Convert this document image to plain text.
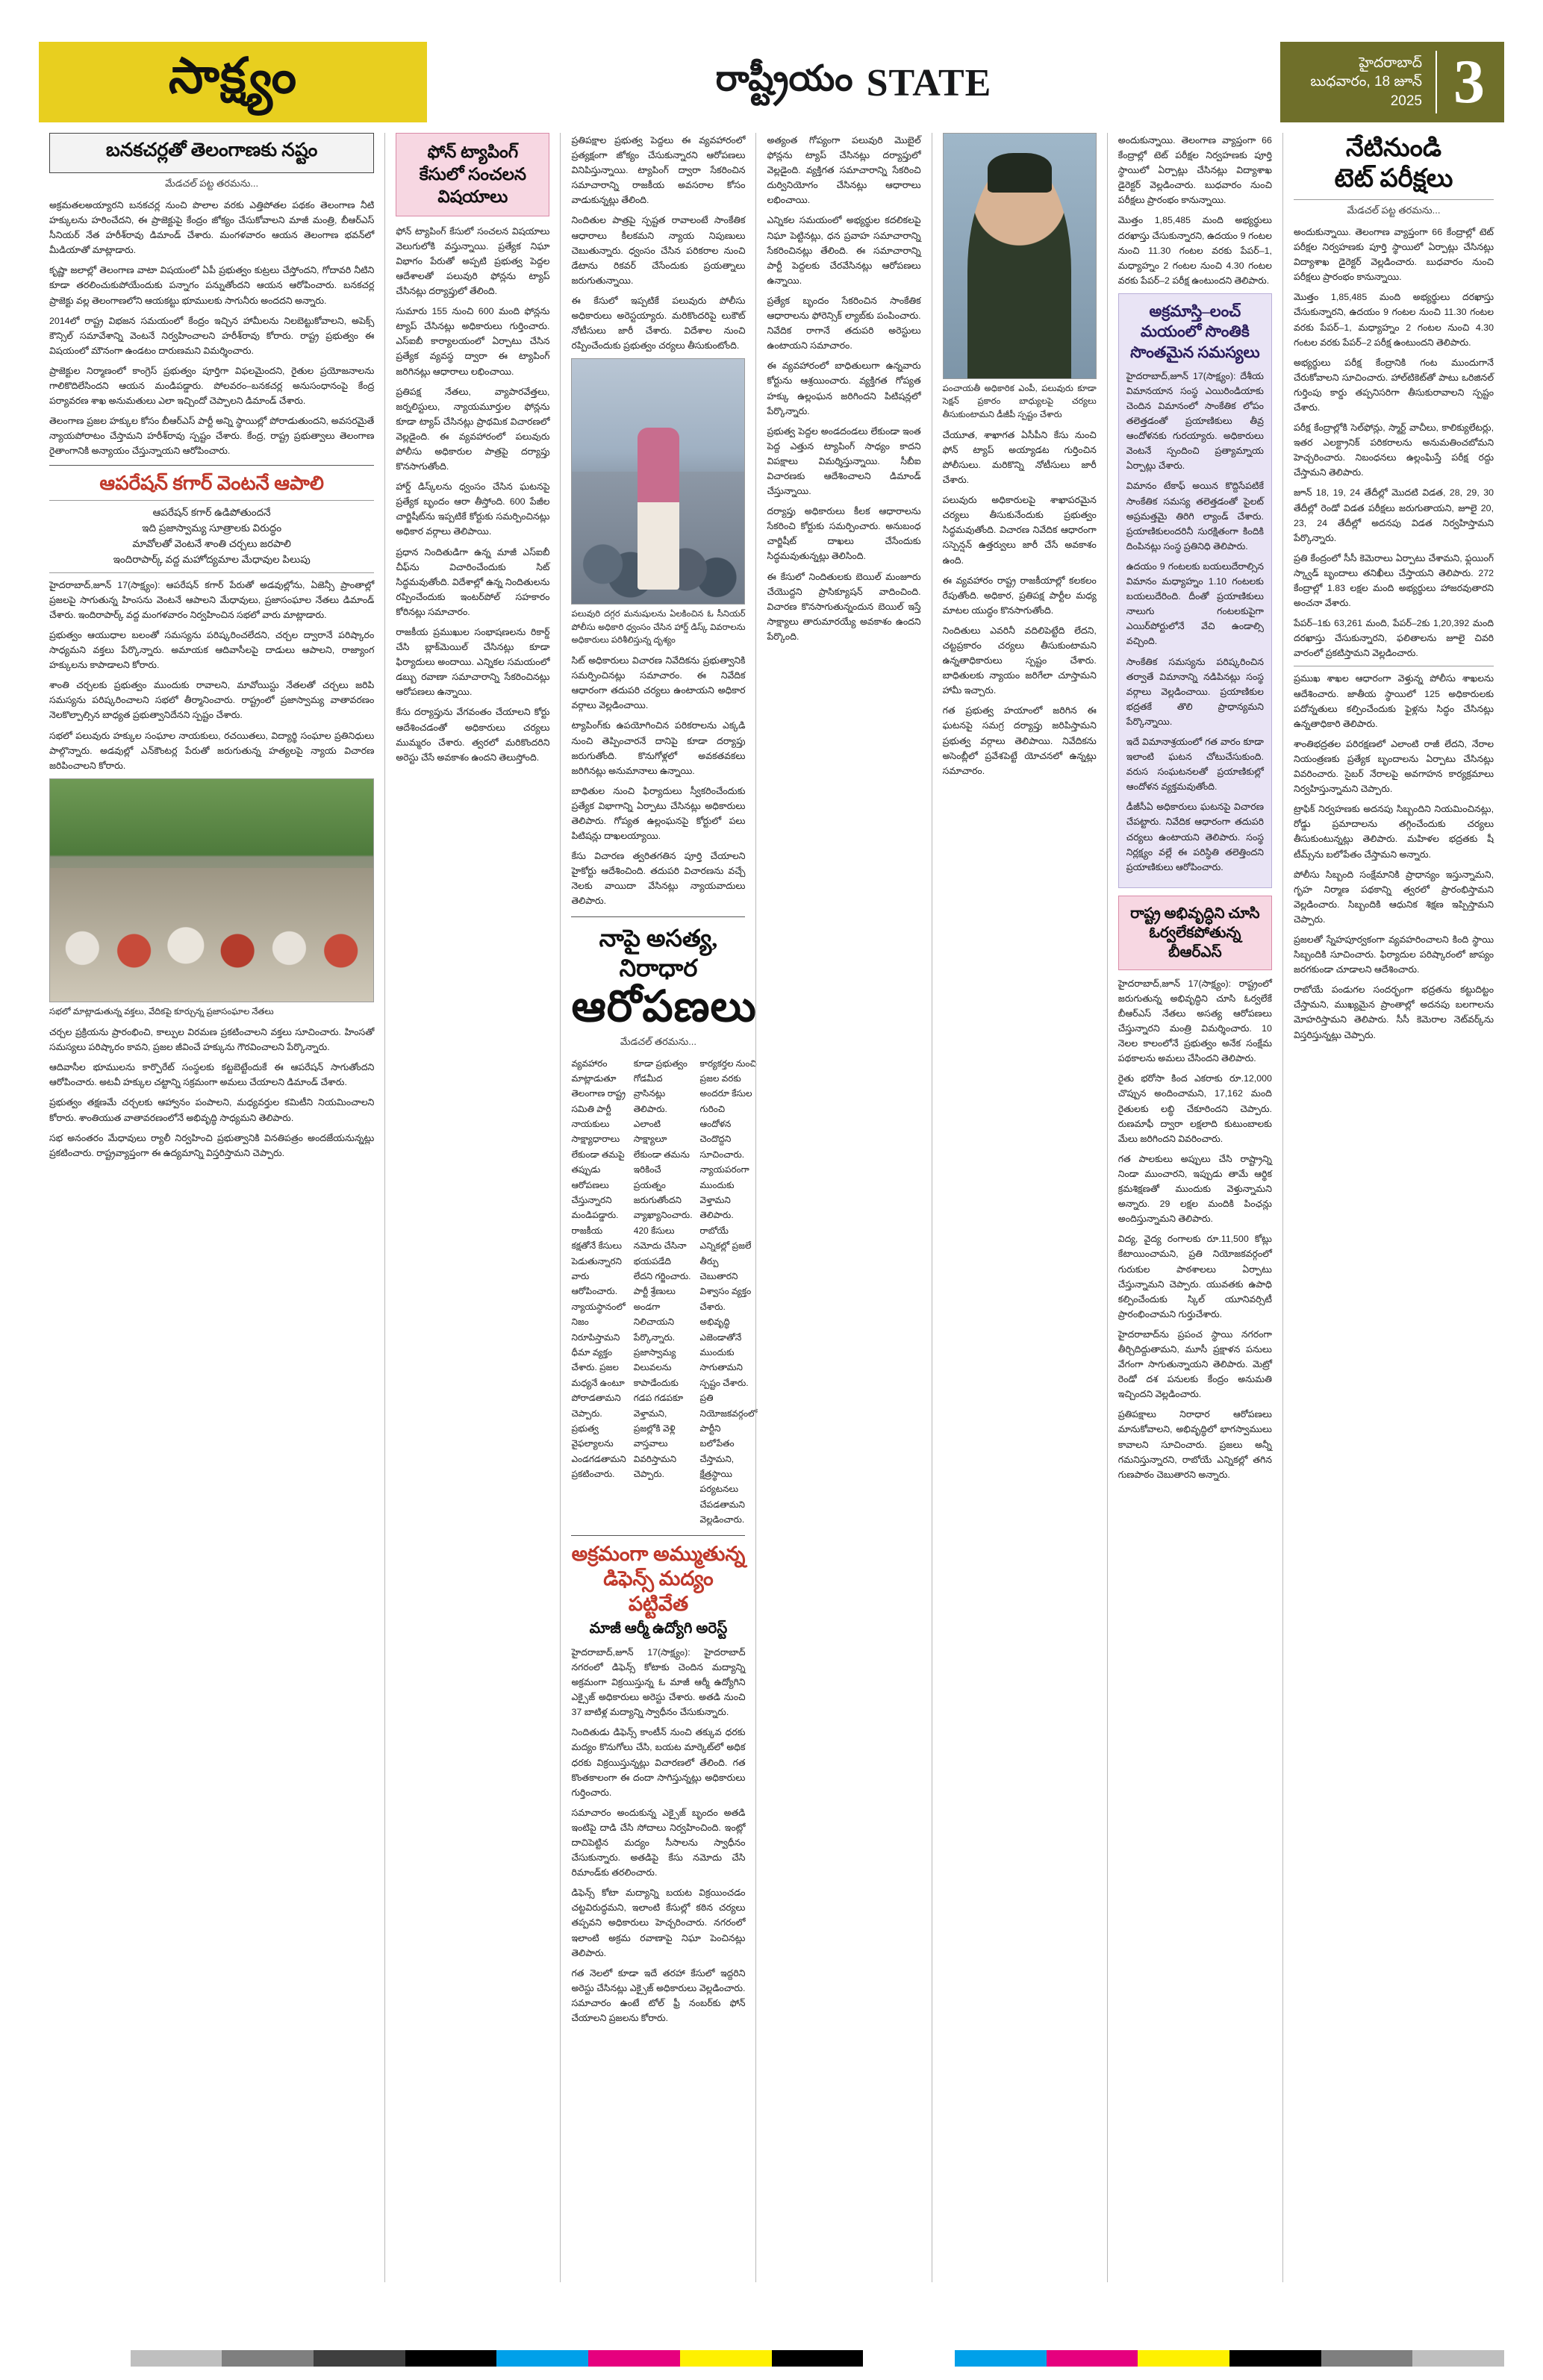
సాక్ష్యం	రాష్ట్రీయం STATE	హైదరాబాద్
బుధవారం, 18 జూన్ 2025 3
బనకచర్లతో తెలంగాణకు నష్టం
మేడ‌చ‌ల్ ప‌ట్ట త‌ర‌మ‌ను...

అక్రమతలఅయ్యారని బనకచర్ల నుంచి పొలాల వరకు ఎత్తిపోతల ప‌థ‌కం తెలంగాణ నీటి హక్కులను హరించేదని, ఈ ప్రాజెక్టుపై కేంద్రం జోక్యం చేసుకోవాలని మాజీ మంత్రి, బీఆర్‌ఎస్ సీనియర్ నేత హరీశ్‌రావు డిమాండ్ చేశారు. మంగళవారం ఆయన తెలంగాణ భవన్‌లో మీడియాతో మాట్లాడారు.

కృష్ణా జలాల్లో తెలంగాణ వాటా విషయంలో ఏపీ ప్రభుత్వం కుట్రలు చేస్తోందని, గోదావరి నీటిని కూడా తరలించుకుపోయేందుకు పన్నాగం పన్నుతోందని ఆయన ఆరోపించారు. బనకచర్ల ప్రాజెక్టు వల్ల తెలంగాణలోని ఆయకట్టు భూములకు సాగునీరు అందదని అన్నారు.

2014లో రాష్ట్ర విభజన సమయంలో కేంద్రం ఇచ్చిన హామీలను నిలబెట్టుకోవాలని, అపెక్స్ కౌన్సిల్ సమావేశాన్ని వెంటనే నిర్వహించాలని హరీశ్‌రావు కోరారు. రాష్ట్ర ప్రభుత్వం ఈ విషయంలో మౌనంగా ఉండటం దారుణమని విమర్శించారు.

ప్రాజెక్టుల నిర్మాణంలో కాంగ్రెస్ ప్రభుత్వం పూర్తిగా విఫలమైందని, రైతుల ప్రయోజనాలను గాలికొదిలేసిందని ఆయన మండిపడ్డారు. పోలవరం–బనకచర్ల అనుసంధానంపై కేంద్ర పర్యావరణ శాఖ అనుమతులు ఎలా ఇచ్చిందో చెప్పాలని డిమాండ్ చేశారు.

తెలంగాణ ప్రజల హక్కుల కోసం బీఆర్‌ఎస్ పార్టీ అన్ని స్థాయిల్లో పోరాడుతుందని, అవసరమైతే న్యాయపోరాటం చేస్తామని హరీశ్‌రావు స్పష్టం చేశారు. కేంద్ర, రాష్ట్ర ప్రభుత్వాలు తెలంగాణ రైతాంగానికి అన్యాయం చేస్తున్నాయని ఆరోపించారు.

ఆపరేషన్ కగార్ వెంటనే ఆపాలి
ఆపరేషన్ కగార్ ఉడిపోతుందనే
ఇది ప్రజాస్వామ్య సూత్రాలకు విరుద్ధం
మావోలతో వెంటనే శాంతి చర్చలు జరపాలి
ఇందిరాపార్క్ వద్ద మహోద్యమాల మేధావుల పిలుపు

హైదరాబాద్‌,జూన్ 17(సాక్ష్యం): ఆపరేషన్ కగార్ పేరుతో అడవుల్లోను, ఏజెన్సీ ప్రాంతాల్లో ప్రజలపై సాగుతున్న హింసను వెంటనే ఆపాలని మేధావులు, ప్రజాసంఘాల నేతలు డిమాండ్ చేశారు. ఇందిరాపార్క్ వద్ద మంగళవారం నిర్వహించిన సభలో వారు మాట్లాడారు.

ప్రభుత్వం ఆయుధాల బలంతో సమస్యను పరిష్కరించలేదని, చర్చల ద్వారానే పరిష్కారం సాధ్యమని వక్తలు పేర్కొన్నారు. అమాయక ఆదివాసీలపై దాడులు ఆపాలని, రాజ్యాంగ హక్కులను కాపాడాలని కోరారు.

శాంతి చర్చలకు ప్రభుత్వం ముందుకు రావాలని, మావోయిస్టు నేతలతో చర్చలు జరిపి సమస్యను పరిష్కరించాలని సభలో తీర్మానించారు. రాష్ట్రంలో ప్రజాస్వామ్య వాతావరణం నెలకొల్పాల్సిన బాధ్యత ప్రభుత్వానిదేనని స్పష్టం చేశారు.

సభలో పలువురు హక్కుల సంఘాల నాయకులు, రచయితలు, విద్యార్థి సంఘాల ప్రతినిధులు పాల్గొన్నారు. అడవుల్లో ఎన్‌కౌంటర్ల పేరుతో జరుగుతున్న హత్యలపై న్యాయ విచారణ జరిపించాలని కోరారు.

సభలో మాట్లాడుతున్న వక్తలు, వేదికపై కూర్చున్న ప్రజాసంఘాల నేతలు

చర్చల ప్రక్రియను ప్రారంభించి, కాల్పుల విరమణ ప్రకటించాలని వక్తలు సూచించారు. హింసతో సమస్యలు పరిష్కారం కావని, ప్రజల జీవించే హక్కును గౌరవించాలని పేర్కొన్నారు.

ఆదివాసీల భూములను కార్పొరేట్ సంస్థలకు కట్టబెట్టేందుకే ఈ ఆపరేషన్ సాగుతోందని ఆరోపించారు. అటవీ హక్కుల చట్టాన్ని సక్రమంగా అమలు చేయాలని డిమాండ్ చేశారు.

ప్రభుత్వం తక్షణమే చర్చలకు ఆహ్వానం పంపాలని, మధ్యవర్తుల కమిటీని నియమించాలని కోరారు. శాంతియుత వాతావరణంలోనే అభివృద్ధి సాధ్యమని తెలిపారు.

సభ అనంతరం మేధావులు ర్యాలీ నిర్వహించి ప్రభుత్వానికి వినతిపత్రం అందజేయనున్నట్లు ప్రకటించారు. రాష్ట్రవ్యాప్తంగా ఈ ఉద్యమాన్ని విస్తరిస్తామని చెప్పారు.

ఫోన్ ట్యాపింగ్
కేసులో సంచలన
విషయాలు

ఫోన్ ట్యాపింగ్ కేసులో సంచలన విషయాలు వెలుగులోకి వస్తున్నాయి. ప్రత్యేక నిఘా విభాగం పేరుతో అప్పటి ప్రభుత్వ పెద్దల ఆదేశాలతో పలువురి ఫోన్లను ట్యాప్ చేసినట్లు దర్యాప్తులో తేలింది.

సుమారు 155 నుంచి 600 మంది ఫోన్లను ట్యాప్ చేసినట్లు అధికారులు గుర్తించారు. ఎస్‌ఐబీ కార్యాలయంలో ఏర్పాటు చేసిన ప్రత్యేక వ్యవస్థ ద్వారా ఈ ట్యాపింగ్ జరిగినట్లు ఆధారాలు లభించాయి.

ప్రతిపక్ష నేతలు, వ్యాపారవేత్తలు, జర్నలిస్టులు, న్యాయమూర్తుల ఫోన్లను కూడా ట్యాప్ చేసినట్లు ప్రాథమిక విచారణలో వెల్లడైంది. ఈ వ్యవహారంలో పలువురు పోలీసు అధికారుల పాత్రపై దర్యాప్తు కొనసాగుతోంది.

హార్డ్ డిస్క్‌లను ధ్వంసం చేసిన ఘటనపై ప్రత్యేక బృందం ఆరా తీస్తోంది. 600 పేజీల చార్జిషీట్‌ను ఇప్పటికే కోర్టుకు సమర్పించినట్లు అధికార వర్గాలు తెలిపాయి.

ప్రధాన నిందితుడిగా ఉన్న మాజీ ఎస్‌ఐబీ చీఫ్‌ను విచారించేందుకు సిట్ సిద్ధమవుతోంది. విదేశాల్లో ఉన్న నిందితులను రప్పించేందుకు ఇంటర్‌పోల్ సహకారం కోరినట్లు సమాచారం.

రాజకీయ ప్రముఖుల సంభాషణలను రికార్డ్ చేసి బ్లాక్‌మెయిల్ చేసినట్లు కూడా ఫిర్యాదులు అందాయి. ఎన్నికల సమయంలో డబ్బు రవాణా సమాచారాన్ని సేకరించినట్లు ఆరోపణలు ఉన్నాయి.

కేసు దర్యాప్తును వేగవంతం చేయాలని కోర్టు ఆదేశించడంతో అధికారులు చర్యలు ముమ్మరం చేశారు. త్వరలో మరికొందరిని అరెస్టు చేసే అవకాశం ఉందని తెలుస్తోంది.

ప్రతిపక్షాల ప్రభుత్వ పెద్దలు ఈ వ్యవహారంలో ప్రత్యక్షంగా జోక్యం చేసుకున్నారని ఆరోపణలు వినిపిస్తున్నాయి. ట్యాపింగ్ ద్వారా సేకరించిన సమాచారాన్ని రాజకీయ అవసరాల కోసం వాడుకున్నట్లు తేలింది.

నిందితుల పాత్రపై స్పష్టత రావాలంటే సాంకేతిక ఆధారాలు కీలకమని న్యాయ నిపుణులు చెబుతున్నారు. ధ్వంసం చేసిన పరికరాల నుంచి డేటాను రికవర్ చేసేందుకు ప్రయత్నాలు జరుగుతున్నాయి.

ఈ కేసులో ఇప్పటికే పలువురు పోలీసు అధికారులు అరెస్టయ్యారు. మరికొందరిపై లుకౌట్ నోటీసులు జారీ చేశారు. విదేశాల నుంచి రప్పించేందుకు ప్రభుత్వం చర్యలు తీసుకుంటోంది.

పలువురి దగ్గర మనుషులను ఏలకించిన ఓ సీనియర్ పోలీసు అధికారి ధ్వంసం చేసిన హార్డ్ డిస్క్ వివరాలను అధికారులు పరిశీలిస్తున్న దృశ్యం

సిట్ అధికారులు విచారణ నివేదికను ప్రభుత్వానికి సమర్పించినట్లు సమాచారం. ఈ నివేదిక ఆధారంగా తదుపరి చర్యలు ఉంటాయని అధికార వర్గాలు వెల్లడించాయి.

ట్యాపింగ్‌కు ఉపయోగించిన పరికరాలను ఎక్కడి నుంచి తెప్పించారనే దానిపై కూడా దర్యాప్తు జరుగుతోంది. కొనుగోళ్లలో అవకతవకలు జరిగినట్లు అనుమానాలు ఉన్నాయి.

బాధితుల నుంచి ఫిర్యాదులు స్వీకరించేందుకు ప్రత్యేక విభాగాన్ని ఏర్పాటు చేసినట్లు అధికారులు తెలిపారు. గోప్యత ఉల్లంఘనపై కోర్టులో పలు పిటిషన్లు దాఖలయ్యాయి.

కేసు విచారణ త్వరితగతిన పూర్తి చేయాలని హైకోర్టు ఆదేశించింది. తదుపరి విచారణను వచ్చే నెలకు వాయిదా వేసినట్లు న్యాయవాదులు తెలిపారు.

నాపై అసత్య, నిరాధార
ఆరోపణలు
మేడ‌చ‌ల్ త‌ర‌మ‌ను...
వ్యవహారం మాట్లాడుతూ తెలంగాణ రాష్ట్ర సమితి పార్టీ నాయకులు
సాక్ష్యాధారాలు లేకుండా తమపై తప్పుడు ఆరోపణలు చేస్తున్నారని
మండిపడ్డారు. రాజకీయ కక్షతోనే కేసులు పెడుతున్నారని
వారు ఆరోపించారు. న్యాయస్థానంలో నిజం నిరూపిస్తామని
ధీమా వ్యక్తం చేశారు. ప్రజల మధ్యనే ఉంటూ పోరాడతామని
చెప్పారు. ప్రభుత్వ వైఫల్యాలను ఎండగడతామని ప్రకటించారు.
కూడా ప్రభుత్వం గోడమీద వ్రాసినట్లు తెలిపారు. ఎలాంటి
సాక్ష్యాలూ లేకుండా తమను ఇరికించే ప్రయత్నం జరుగుతోందని
వ్యాఖ్యానించారు. 420 కేసులు నమోదు చేసినా
భయపడేది లేదని గర్జించారు. పార్టీ శ్రేణులు అండగా నిలిచాయని
పేర్కొన్నారు. ప్రజాస్వామ్య విలువలను కాపాడేందుకు
గడప గడపకూ వెళ్తామని, ప్రజల్లోకి వెళ్లి వాస్తవాలు వివరిస్తామని చెప్పారు.
కార్యకర్తల నుంచి ప్రజల వరకు అందరూ కేసుల గురించి
ఆందోళన చెందొద్దని సూచించారు. న్యాయపరంగా ముందుకు
వెళ్తామని తెలిపారు. రాబోయే ఎన్నికల్లో ప్రజలే తీర్పు
చెబుతారని విశ్వాసం వ్యక్తం చేశారు. అభివృద్ధి ఎజెండాతోనే
ముందుకు సాగుతామని స్పష్టం చేశారు. ప్రతి నియోజకవర్గంలో
పార్టీని బలోపేతం చేస్తామని, క్షేత్రస్థాయి పర్యటనలు చేపడతామని వెల్లడించారు.
అక్రమంగా అమ్ముతున్న
డిఫెన్స్ మద్యం పట్టివేత
మాజీ ఆర్మీ ఉద్యోగి అరెస్ట్

హైదరాబాద్‌,జూన్ 17(సాక్ష్యం): హైదరాబాద్ నగరంలో డిఫెన్స్ కోటాకు చెందిన మద్యాన్ని అక్రమంగా విక్రయిస్తున్న ఓ మాజీ ఆర్మీ ఉద్యోగిని ఎక్సైజ్ అధికారులు అరెస్టు చేశారు. అతడి నుంచి 37 బాటిళ్ల మద్యాన్ని స్వాధీనం చేసుకున్నారు.

నిందితుడు డిఫెన్స్ కాంటీన్ నుంచి తక్కువ ధరకు మద్యం కొనుగోలు చేసి, బయట మార్కెట్‌లో అధిక ధరకు విక్రయిస్తున్నట్లు విచారణలో తేలింది. గత కొంతకాలంగా ఈ దందా సాగిస్తున్నట్లు అధికారులు గుర్తించారు.

సమాచారం అందుకున్న ఎక్సైజ్ బృందం అతడి ఇంటిపై దాడి చేసి సోదాలు నిర్వహించింది. ఇంట్లో దాచిపెట్టిన మద్యం సీసాలను స్వాధీనం చేసుకున్నారు. అతడిపై కేసు నమోదు చేసి రిమాండ్‌కు తరలించారు.

డిఫెన్స్ కోటా మద్యాన్ని బయట విక్రయించడం చట్టవిరుద్ధమని, ఇలాంటి కేసుల్లో కఠిన చర్యలు తప్పవని అధికారులు హెచ్చరించారు. నగరంలో ఇలాంటి అక్రమ రవాణాపై నిఘా పెంచినట్లు తెలిపారు.

గత నెలలో కూడా ఇదే తరహా కేసులో ఇద్దరిని అరెస్టు చేసినట్లు ఎక్సైజ్ అధికారులు వెల్లడించారు. సమాచారం ఉంటే టోల్ ఫ్రీ నంబర్‌కు ఫోన్ చేయాలని ప్రజలను కోరారు.

అత్యంత గోప్యంగా పలువురి మొబైల్ ఫోన్లను ట్యాప్ చేసినట్లు దర్యాప్తులో వెల్లడైంది. వ్యక్తిగత సమాచారాన్ని సేకరించి దుర్వినియోగం చేసినట్లు ఆధారాలు లభించాయి.

ఎన్నికల సమయంలో అభ్యర్థుల కదలికలపై నిఘా పెట్టినట్లు, ధన ప్రవాహ సమాచారాన్ని సేకరించినట్లు తేలింది. ఈ సమాచారాన్ని పార్టీ పెద్దలకు చేరవేసినట్లు ఆరోపణలు ఉన్నాయి.

ప్రత్యేక బృందం సేకరించిన సాంకేతిక ఆధారాలను ఫోరెన్సిక్ ల్యాబ్‌కు పంపించారు. నివేదిక రాగానే తదుపరి అరెస్టులు ఉంటాయని సమాచారం.

ఈ వ్యవహారంలో బాధితులుగా ఉన్నవారు కోర్టును ఆశ్రయించారు. వ్యక్తిగత గోప్యత హక్కు ఉల్లంఘన జరిగిందని పిటిషన్లలో పేర్కొన్నారు.

ప్రభుత్వ పెద్దల అండదండలు లేకుండా ఇంత పెద్ద ఎత్తున ట్యాపింగ్ సాధ్యం కాదని విపక్షాలు విమర్శిస్తున్నాయి. సీబీఐ విచారణకు ఆదేశించాలని డిమాండ్ చేస్తున్నాయి.

దర్యాప్తు అధికారులు కీలక ఆధారాలను సేకరించి కోర్టుకు సమర్పించారు. అనుబంధ చార్జిషీట్ దాఖలు చేసేందుకు సిద్ధమవుతున్నట్లు తెలిసింది.

ఈ కేసులో నిందితులకు బెయిల్ మంజూరు చేయొద్దని ప్రాసిక్యూషన్ వాదించింది. విచారణ కొనసాగుతున్నందున బెయిల్ ఇస్తే సాక్ష్యాలు తారుమారయ్యే అవకాశం ఉందని పేర్కొంది.

పంచాయతీ అధికారిక ఎంపీ, పలువురు కూడా సెక్షన్ ప్రకారం బాధ్యులపై చర్యలు తీసుకుంటామని డీజీపీ స్పష్టం చేశారు

చేయూత, శాఖాగత ఏసీపీని కేసు నుంచి ఫోన్ ట్యాప్ అయ్యాడట గుర్తించిన పోలీసులు. మరికొన్ని నోటీసులు జారీ చేశారు.

పలువురు అధికారులపై శాఖాపరమైన చర్యలు తీసుకునేందుకు ప్రభుత్వం సిద్ధమవుతోంది. విచారణ నివేదిక ఆధారంగా సస్పెన్షన్ ఉత్తర్వులు జారీ చేసే అవకాశం ఉంది.

ఈ వ్యవహారం రాష్ట్ర రాజకీయాల్లో కలకలం రేపుతోంది. అధికార, ప్రతిపక్ష పార్టీల మధ్య మాటల యుద్ధం కొనసాగుతోంది.

నిందితులు ఎవరినీ వదిలిపెట్టేది లేదని, చట్టప్రకారం చర్యలు తీసుకుంటామని ఉన్నతాధికారులు స్పష్టం చేశారు. బాధితులకు న్యాయం జరిగేలా చూస్తామని హామీ ఇచ్చారు.

గత ప్రభుత్వ హయాంలో జరిగిన ఈ ఘటనపై సమగ్ర దర్యాప్తు జరిపిస్తామని ప్రభుత్వ వర్గాలు తెలిపాయి. నివేదికను అసెంబ్లీలో ప్రవేశపెట్టే యోచనలో ఉన్నట్లు సమాచారం.

అందుకున్నాయి. తెలంగాణ వ్యాప్తంగా 66 కేంద్రాల్లో టెట్ పరీక్షల నిర్వహణకు పూర్తి స్థాయిలో ఏర్పాట్లు చేసినట్లు విద్యాశాఖ డైరెక్టర్ వెల్లడించారు. బుధవారం నుంచి పరీక్షలు ప్రారంభం కానున్నాయి.

మొత్తం 1,85,485 మంది అభ్యర్థులు దరఖాస్తు చేసుకున్నారని, ఉదయం 9 గంటల నుంచి 11.30 గంటల వరకు పేపర్‌–1, మధ్యాహ్నం 2 గంటల నుంచి 4.30 గంటల వరకు పేపర్‌–2 పరీక్ష ఉంటుందని తెలిపారు.

అక్రమాస్తి–లంచ్ మయంలో సొంతికి సొంతమైన సమస్యలు

హైదరాబాద్‌,జూన్ 17(సాక్ష్యం): దేశీయ విమానయాన సంస్థ ఎయిరిండియాకు చెందిన విమానంలో సాంకేతిక లోపం తలెత్తడంతో ప్రయాణికులు తీవ్ర ఆందోళనకు గురయ్యారు. అధికారులు వెంటనే స్పందించి ప్రత్యామ్నాయ ఏర్పాట్లు చేశారు.

విమానం టేకాఫ్ అయిన కొద్దిసేపటికే సాంకేతిక సమస్య తలెత్తడంతో పైలట్ అప్రమత్తమై తిరిగి ల్యాండ్ చేశారు. ప్రయాణికులందరినీ సురక్షితంగా కిందికి దింపినట్లు సంస్థ ప్రతినిధి తెలిపారు.

ఉదయం 9 గంటలకు బయలుదేరాల్సిన విమానం మధ్యాహ్నం 1.10 గంటలకు బయలుదేరింది. దీంతో ప్రయాణికులు నాలుగు గంటలకుపైగా ఎయిర్‌పోర్టులోనే వేచి ఉండాల్సి వచ్చింది.

సాంకేతిక సమస్యను పరిష్కరించిన తర్వాతే విమానాన్ని నడిపినట్లు సంస్థ వర్గాలు వెల్లడించాయి. ప్రయాణికుల భద్రతకే తొలి ప్రాధాన్యమని పేర్కొన్నాయి.

ఇదే విమానాశ్రయంలో గత వారం కూడా ఇలాంటి ఘటన చోటుచేసుకుంది. వరుస సంఘటనలతో ప్రయాణికుల్లో ఆందోళన వ్యక్తమవుతోంది.

డీజీసీఏ అధికారులు ఘటనపై విచారణ చేపట్టారు. నివేదిక ఆధారంగా తదుపరి చర్యలు ఉంటాయని తెలిపారు. సంస్థ నిర్లక్ష్యం వల్లే ఈ పరిస్థితి తలెత్తిందని ప్రయాణికులు ఆరోపించారు.

రాష్ట్ర అభివృద్ధిని చూసి ఓర్వలేకపోతున్న బీఆర్ఎస్

హైదరాబాద్‌,జూన్ 17(సాక్ష్యం): రాష్ట్రంలో జరుగుతున్న అభివృద్ధిని చూసి ఓర్వలేకే బీఆర్‌ఎస్ నేతలు అసత్య ఆరోపణలు చేస్తున్నారని మంత్రి విమర్శించారు. 10 నెలల కాలంలోనే ప్రభుత్వం అనేక సంక్షేమ పథకాలను అమలు చేసిందని తెలిపారు.

రైతు భరోసా కింద ఎకరాకు రూ.12,000 చొప్పున అందించామని, 17,162 మంది రైతులకు లబ్ధి చేకూరిందని చెప్పారు. రుణమాఫీ ద్వారా లక్షలాది కుటుంబాలకు మేలు జరిగిందని వివరించారు.

గత పాలకులు అప్పులు చేసి రాష్ట్రాన్ని నిండా ముంచారని, ఇప్పుడు తామే ఆర్థిక క్రమశిక్షణతో ముందుకు వెళ్తున్నామని అన్నారు. 29 లక్షల మందికి పింఛన్లు అందిస్తున్నామని తెలిపారు.

విద్య, వైద్య రంగాలకు రూ.11,500 కోట్లు కేటాయించామని, ప్రతి నియోజకవర్గంలో గురుకుల పాఠశాలలు ఏర్పాటు చేస్తున్నామని చెప్పారు. యువతకు ఉపాధి కల్పించేందుకు స్కిల్ యూనివర్సిటీ ప్రారంభించామని గుర్తుచేశారు.

హైదరాబాద్‌ను ప్రపంచ స్థాయి నగరంగా తీర్చిదిద్దుతామని, మూసీ ప్రక్షాళన పనులు వేగంగా సాగుతున్నాయని తెలిపారు. మెట్రో రెండో దశ పనులకు కేంద్రం అనుమతి ఇచ్చిందని వెల్లడించారు.

ప్రతిపక్షాలు నిరాధార ఆరోపణలు మానుకోవాలని, అభివృద్ధిలో భాగస్వాములు కావాలని సూచించారు. ప్రజలు అన్నీ గమనిస్తున్నారని, రాబోయే ఎన్నికల్లో తగిన గుణపాఠం చెబుతారని అన్నారు.

నేటినుండి
టెట్ పరీక్షలు
మేడ‌చ‌ల్ ప‌ట్ట త‌ర‌మ‌ను...

అందుకున్నాయి. తెలంగాణ వ్యాప్తంగా 66 కేంద్రాల్లో టెట్ పరీక్షల నిర్వహణకు పూర్తి స్థాయిలో ఏర్పాట్లు చేసినట్లు విద్యాశాఖ డైరెక్టర్ వెల్లడించారు. బుధవారం నుంచి పరీక్షలు ప్రారంభం కానున్నాయి.

మొత్తం 1,85,485 మంది అభ్యర్థులు దరఖాస్తు చేసుకున్నారని, ఉదయం 9 గంటల నుంచి 11.30 గంటల వరకు పేపర్‌–1, మధ్యాహ్నం 2 గంటల నుంచి 4.30 గంటల వరకు పేపర్‌–2 పరీక్ష ఉంటుందని తెలిపారు.

అభ్యర్థులు పరీక్ష కేంద్రానికి గంట ముందుగానే చేరుకోవాలని సూచించారు. హాల్‌టికెట్‌తో పాటు ఒరిజినల్ గుర్తింపు కార్డు తప్పనిసరిగా తీసుకురావాలని స్పష్టం చేశారు.

పరీక్ష కేంద్రాల్లోకి సెల్‌ఫోన్లు, స్మార్ట్ వాచీలు, కాలిక్యులేటర్లు, ఇతర ఎలక్ట్రానిక్ పరికరాలను అనుమతించబోమని హెచ్చరించారు. నిబంధనలు ఉల్లంఘిస్తే పరీక్ష రద్దు చేస్తామని తెలిపారు.

జూన్ 18, 19, 24 తేదీల్లో మొదటి విడత, 28, 29, 30 తేదీల్లో రెండో విడత పరీక్షలు జరుగుతాయని, జూలై 20, 23, 24 తేదీల్లో అదనపు విడత నిర్వహిస్తామని పేర్కొన్నారు.

ప్రతి కేంద్రంలో సీసీ కెమెరాలు ఏర్పాటు చేశామని, ఫ్లయింగ్ స్క్వాడ్ బృందాలు తనిఖీలు చేస్తాయని తెలిపారు. 272 కేంద్రాల్లో 1.83 లక్షల మంది అభ్యర్థులు హాజరవుతారని అంచనా వేశారు.

పేపర్‌–1కు 63,261 మంది, పేపర్‌–2కు 1,20,392 మంది దరఖాస్తు చేసుకున్నారని, ఫలితాలను జూలై చివరి వారంలో ప్రకటిస్తామని వెల్లడించారు.

ప్రముఖ శాఖల ఆధారంగా వెళ్తున్న పోలీసు శాఖలను ఆదేశించారు. జాతీయ స్థాయిలో 125 అధికారులకు పదోన్నతులు కల్పించేందుకు ఫైళ్లను సిద్ధం చేసినట్లు ఉన్నతాధికారి తెలిపారు.

శాంతిభద్రతల పరిరక్షణలో ఎలాంటి రాజీ లేదని, నేరాల నియంత్రణకు ప్రత్యేక బృందాలను ఏర్పాటు చేసినట్లు వివరించారు. సైబర్ నేరాలపై అవగాహన కార్యక్రమాలు నిర్వహిస్తున్నామని చెప్పారు.

ట్రాఫిక్ నిర్వహణకు అదనపు సిబ్బందిని నియమించినట్లు, రోడ్డు ప్రమాదాలను తగ్గించేందుకు చర్యలు తీసుకుంటున్నట్లు తెలిపారు. మహిళల భద్రతకు షీ టీమ్స్‌ను బలోపేతం చేస్తామని అన్నారు.

పోలీసు సిబ్బంది సంక్షేమానికి ప్రాధాన్యం ఇస్తున్నామని, గృహ నిర్మాణ పథకాన్ని త్వరలో ప్రారంభిస్తామని వెల్లడించారు. సిబ్బందికి ఆధునిక శిక్షణ ఇప్పిస్తామని చెప్పారు.

ప్రజలతో స్నేహపూర్వకంగా వ్యవహరించాలని కింది స్థాయి సిబ్బందికి సూచించారు. ఫిర్యాదుల పరిష్కారంలో జాప్యం జరగకుండా చూడాలని ఆదేశించారు.

రాబోయే పండుగల సందర్భంగా భద్రతను కట్టుదిట్టం చేస్తామని, ముఖ్యమైన ప్రాంతాల్లో అదనపు బలగాలను మోహరిస్తామని తెలిపారు. సీసీ కెమెరాల నెట్‌వర్క్‌ను విస్తరిస్తున్నట్లు చెప్పారు.
